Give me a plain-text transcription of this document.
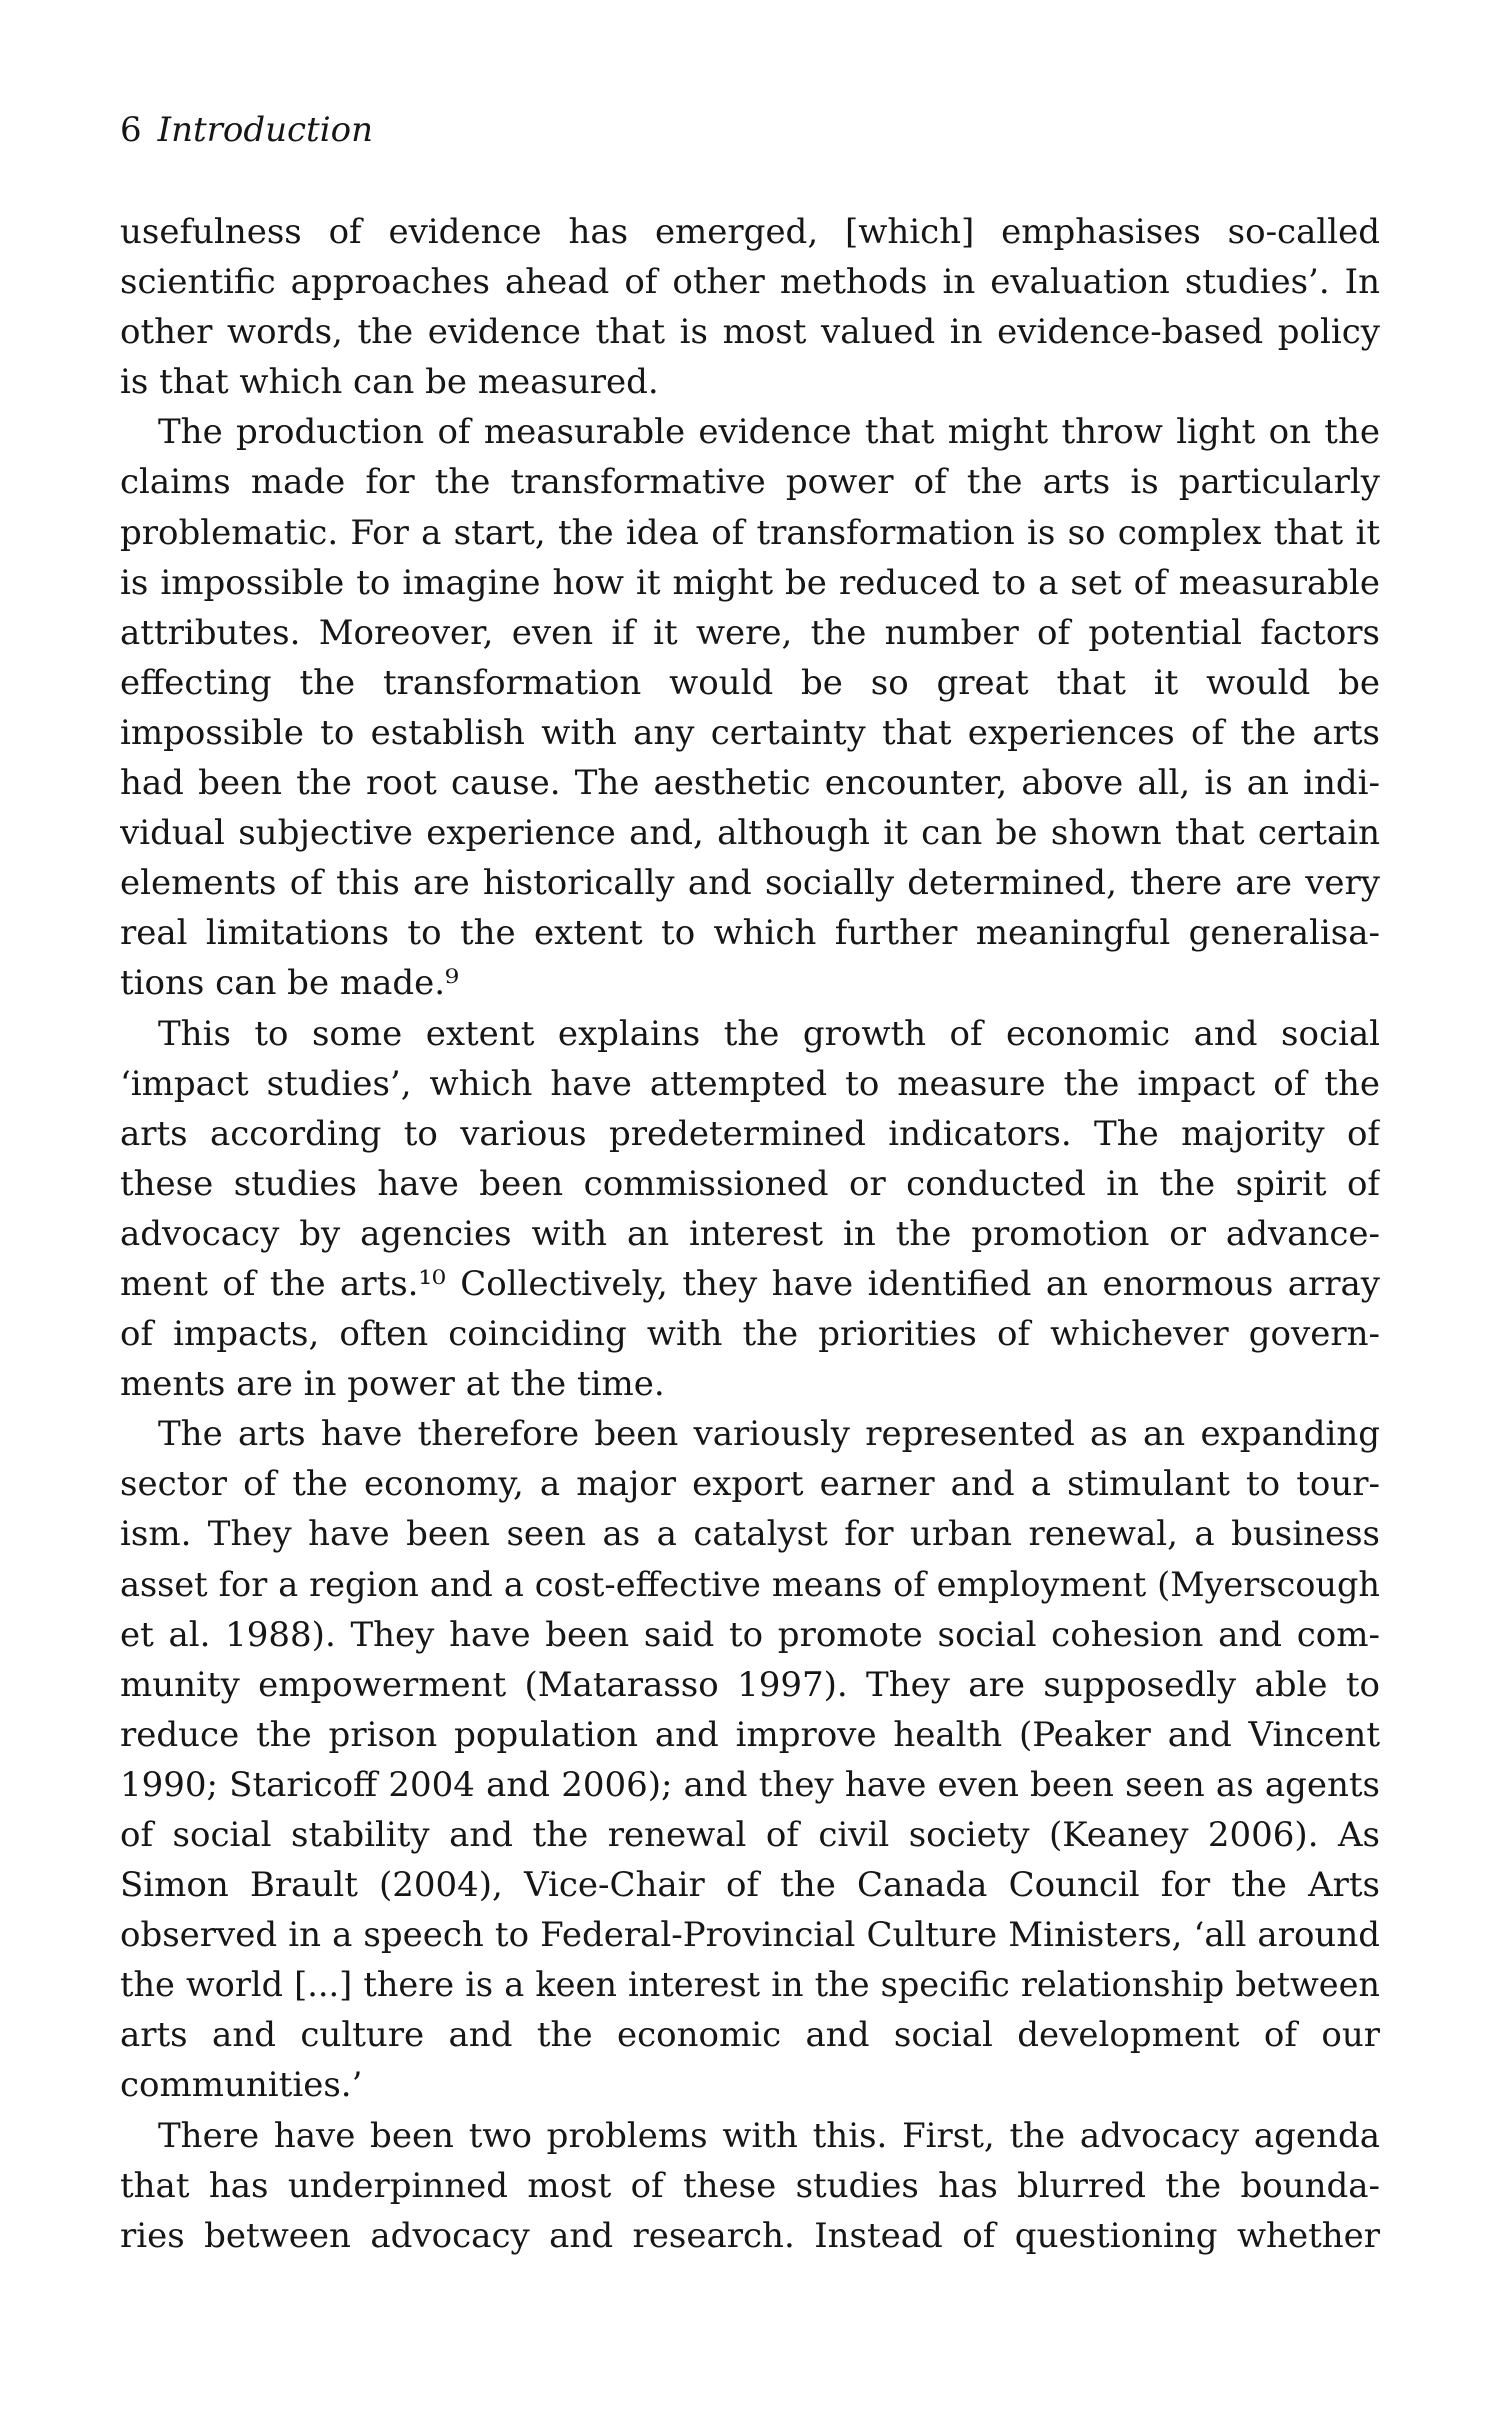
6 Introduction
usefulness of evidence has emerged, [which] emphasises so-called
scientific approaches ahead of other methods in evaluation studies’. In
other words, the evidence that is most valued in evidence-based policy
is that which can be measured.
The production of measurable evidence that might throw light on the
claims made for the transformative power of the arts is particularly
problematic. For a start, the idea of transformation is so complex that it
is impossible to imagine how it might be reduced to a set of measurable
attributes. Moreover, even if it were, the number of potential factors
effecting the transformation would be so great that it would be
impossible to establish with any certainty that experiences of the arts
had been the root cause. The aesthetic encounter, above all, is an indi-
vidual subjective experience and, although it can be shown that certain
elements of this are historically and socially determined, there are very
real limitations to the extent to which further meaningful generalisa-
tions can be made.⁹
This to some extent explains the growth of economic and social
‘impact studies’, which have attempted to measure the impact of the
arts according to various predetermined indicators. The majority of
these studies have been commissioned or conducted in the spirit of
advocacy by agencies with an interest in the promotion or advance-
ment of the arts.¹⁰ Collectively, they have identified an enormous array
of impacts, often coinciding with the priorities of whichever govern-
ments are in power at the time.
The arts have therefore been variously represented as an expanding
sector of the economy, a major export earner and a stimulant to tour-
ism. They have been seen as a catalyst for urban renewal, a business
asset for a region and a cost-effective means of employment (Myerscough
et al. 1988). They have been said to promote social cohesion and com-
munity empowerment (Matarasso 1997). They are supposedly able to
reduce the prison population and improve health (Peaker and Vincent
1990; Staricoff 2004 and 2006); and they have even been seen as agents
of social stability and the renewal of civil society (Keaney 2006). As
Simon Brault (2004), Vice-Chair of the Canada Council for the Arts
observed in a speech to Federal-Provincial Culture Ministers, ‘all around
the world [...] there is a keen interest in the specific relationship between
arts and culture and the economic and social development of our
communities.’
There have been two problems with this. First, the advocacy agenda
that has underpinned most of these studies has blurred the bounda-
ries between advocacy and research. Instead of questioning whether
